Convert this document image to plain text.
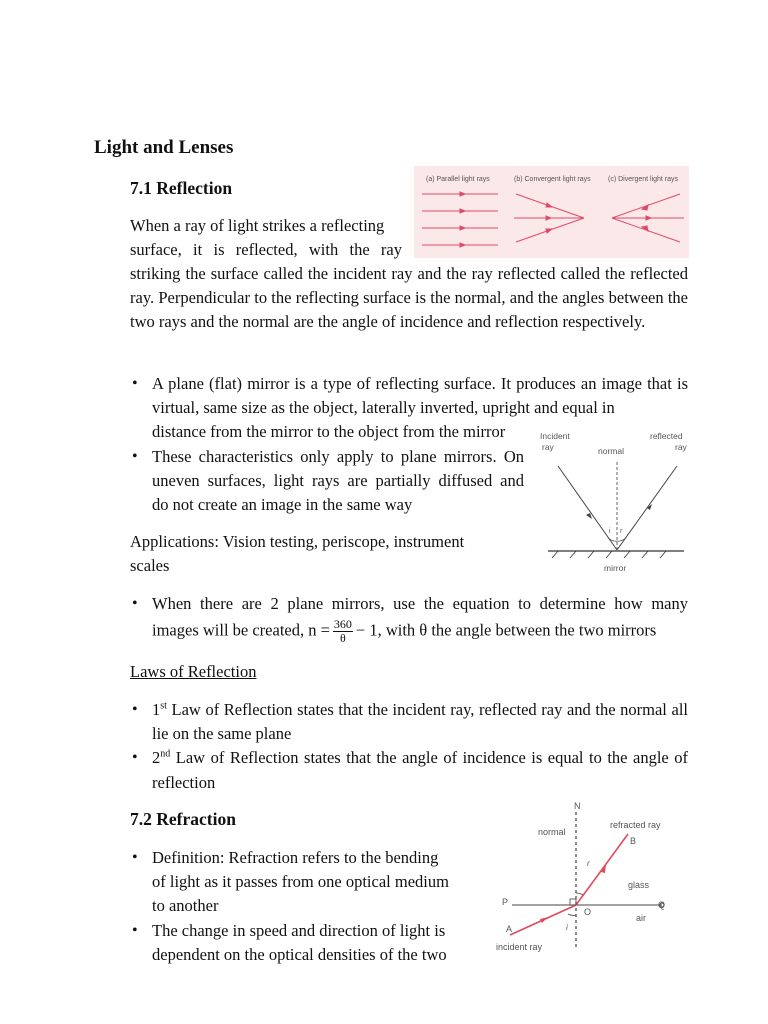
Light and Lenses
7.1 Reflection
When a ray of light strikes a reflecting
surface, it is reflected, with the ray
striking the surface called the incident ray and the ray reflected called the reflected ray. Perpendicular to the reflecting surface is the normal, and the angles between the two rays and the normal are the angle of incidence and reflection respectively.
(a) Parallel light rays	(b) Convergent light rays (c) Divergent light rays
• A plane (flat) mirror is a type of reflecting surface. It produces an image that is virtual, same size as the object, laterally inverted, upright and equal in
distance from the mirror to the object from the mirror
• These characteristics only apply to plane mirrors. On
uneven surfaces, light rays are partially diffused and
do not create an image in the same way
Applications: Vision testing, periscope, instrument
scales
Incident
ray	normal
reflected
ray
i r
mirror
• When there are 2 plane mirrors, use the equation to determine how many
images will be created, $n = \frac{360}{\theta} - 1$, with θ the angle between the two mirrors
Laws of Reflection
• 1st Law of Reflection states that the incident ray, reflected ray and the normal all lie on the same plane
• 2nd Law of Reflection states that the angle of incidence is equal to the angle of reflection
7.2 Refraction
• Definition: Refraction refers to the bending
of light as it passes from one optical medium
to another
• The change in speed and direction of light is
dependent on the optical densities of the two
N
normal
refracted ray
B
glass
P
O
Q
air
A
incident ray
r
i
